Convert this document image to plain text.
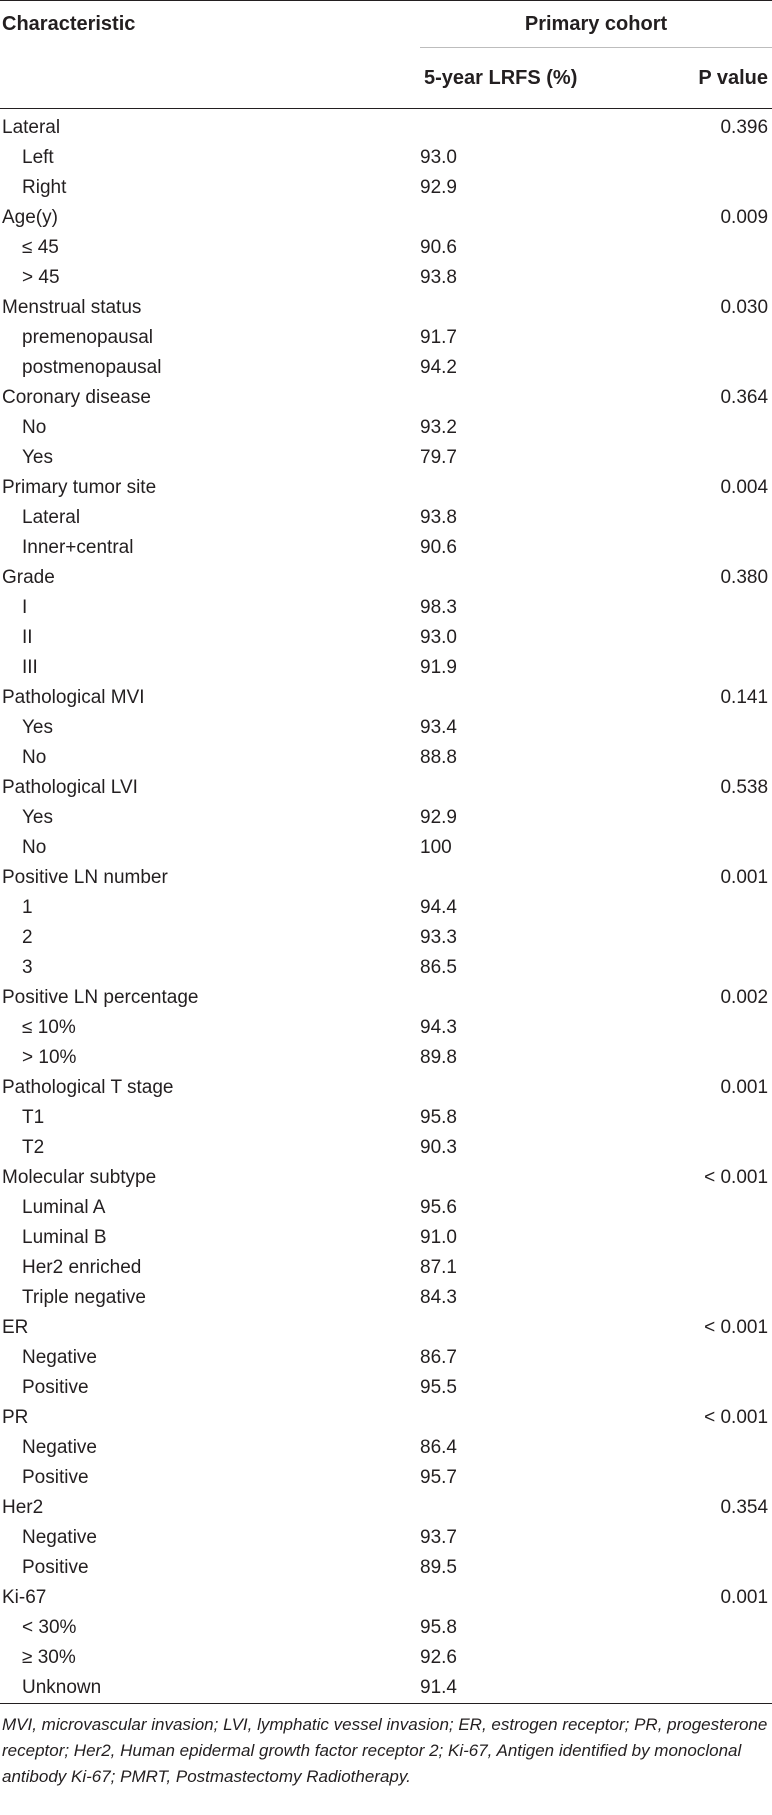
Characteristic	Primary cohort	
	5-year LRFS (%)	P value
Lateral		0.396
Left	93.0	
Right	92.9	
Age(y)		0.009
≤ 45	90.6	
> 45	93.8	
Menstrual status		0.030
premenopausal	91.7	
postmenopausal	94.2	
Coronary disease		0.364
No	93.2	
Yes	79.7	
Primary tumor site		0.004
Lateral	93.8	
Inner+central	90.6	
Grade		0.380
I	98.3	
II	93.0	
III	91.9	
Pathological MVI		0.141
Yes	93.4	
No	88.8	
Pathological LVI		0.538
Yes	92.9	
No	100	
Positive LN number		0.001
1	94.4	
2	93.3	
3	86.5	
Positive LN percentage		0.002
≤ 10%	94.3	
> 10%	89.8	
Pathological T stage		0.001
T1	95.8	
T2	90.3	
Molecular subtype		< 0.001
Luminal A	95.6	
Luminal B	91.0	
Her2 enriched	87.1	
Triple negative	84.3	
ER		< 0.001
Negative	86.7	
Positive	95.5	
PR		< 0.001
Negative	86.4	
Positive	95.7	
Her2		0.354
Negative	93.7	
Positive	89.5	
Ki-67		0.001
< 30%	95.8	
≥ 30%	92.6	
Unknown	91.4	
MVI, microvascular invasion; LVI, lymphatic vessel invasion; ER, estrogen receptor; PR, progesterone receptor; Her2, Human epidermal growth factor receptor 2; Ki-67, Antigen identified by monoclonal antibody Ki-67; PMRT, Postmastectomy Radiotherapy.
